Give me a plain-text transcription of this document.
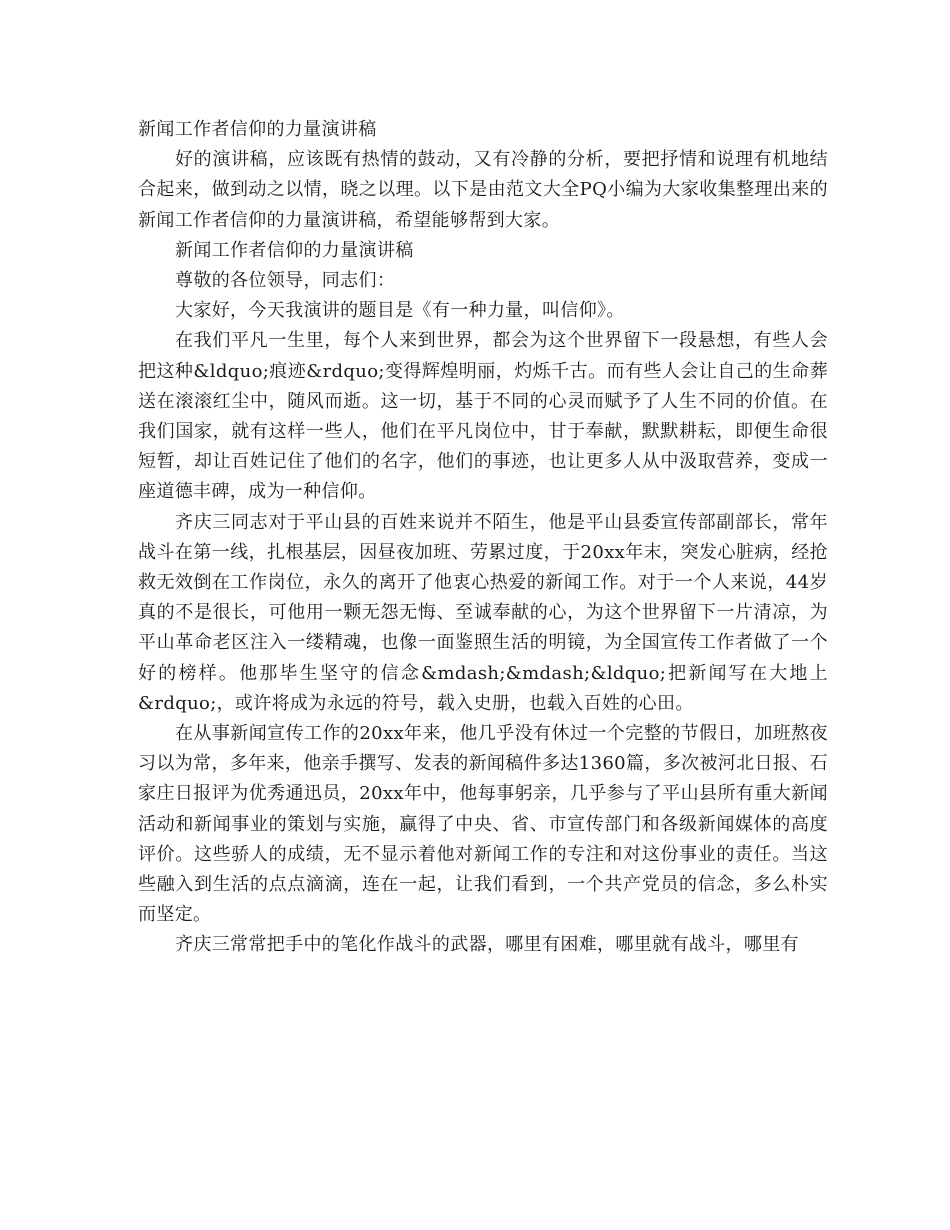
新闻工作者信仰的力量演讲稿

好的演讲稿，应该既有热情的鼓动，又有冷静的分析，要把抒情和说理有机地结合起来，做到动之以情，晓之以理。以下是由范文大全PQ小编为大家收集整理出来的新闻工作者信仰的力量演讲稿，希望能够帮到大家。

新闻工作者信仰的力量演讲稿

尊敬的各位领导，同志们：

大家好，今天我演讲的题目是《有一种力量，叫信仰》。

在我们平凡一生里，每个人来到世界，都会为这个世界留下一段悬想，有些人会把这种&ldquo;痕迹&rdquo;变得辉煌明丽，灼烁千古。而有些人会让自己的生命葬送在滚滚红尘中，随风而逝。这一切，基于不同的心灵而赋予了人生不同的价值。在我们国家，就有这样一些人，他们在平凡岗位中，甘于奉献，默默耕耘，即便生命很短暂，却让百姓记住了他们的名字，他们的事迹，也让更多人从中汲取营养，变成一座道德丰碑，成为一种信仰。

齐庆三同志对于平山县的百姓来说并不陌生，他是平山县委宣传部副部长，常年战斗在第一线，扎根基层，因昼夜加班、劳累过度，于20xx年末，突发心脏病，经抢救无效倒在工作岗位，永久的离开了他衷心热爱的新闻工作。对于一个人来说，44岁真的不是很长，可他用一颗无怨无悔、至诚奉献的心，为这个世界留下一片清凉，为平山革命老区注入一缕精魂，也像一面鉴照生活的明镜，为全国宣传工作者做了一个好的榜样。他那毕生坚守的信念&mdash;&mdash;&ldquo;把新闻写在大地上&rdquo;，或许将成为永远的符号，载入史册，也载入百姓的心田。

在从事新闻宣传工作的20xx年来，他几乎没有休过一个完整的节假日，加班熬夜习以为常，多年来，他亲手撰写、发表的新闻稿件多达1360篇，多次被河北日报、石家庄日报评为优秀通迅员，20xx年中，他每事躬亲，几乎参与了平山县所有重大新闻活动和新闻事业的策划与实施，赢得了中央、省、市宣传部门和各级新闻媒体的高度评价。这些骄人的成绩，无不显示着他对新闻工作的专注和对这份事业的责任。当这些融入到生活的点点滴滴，连在一起，让我们看到，一个共产党员的信念，多么朴实而坚定。

齐庆三常常把手中的笔化作战斗的武器，哪里有困难，哪里就有战斗，哪里有
